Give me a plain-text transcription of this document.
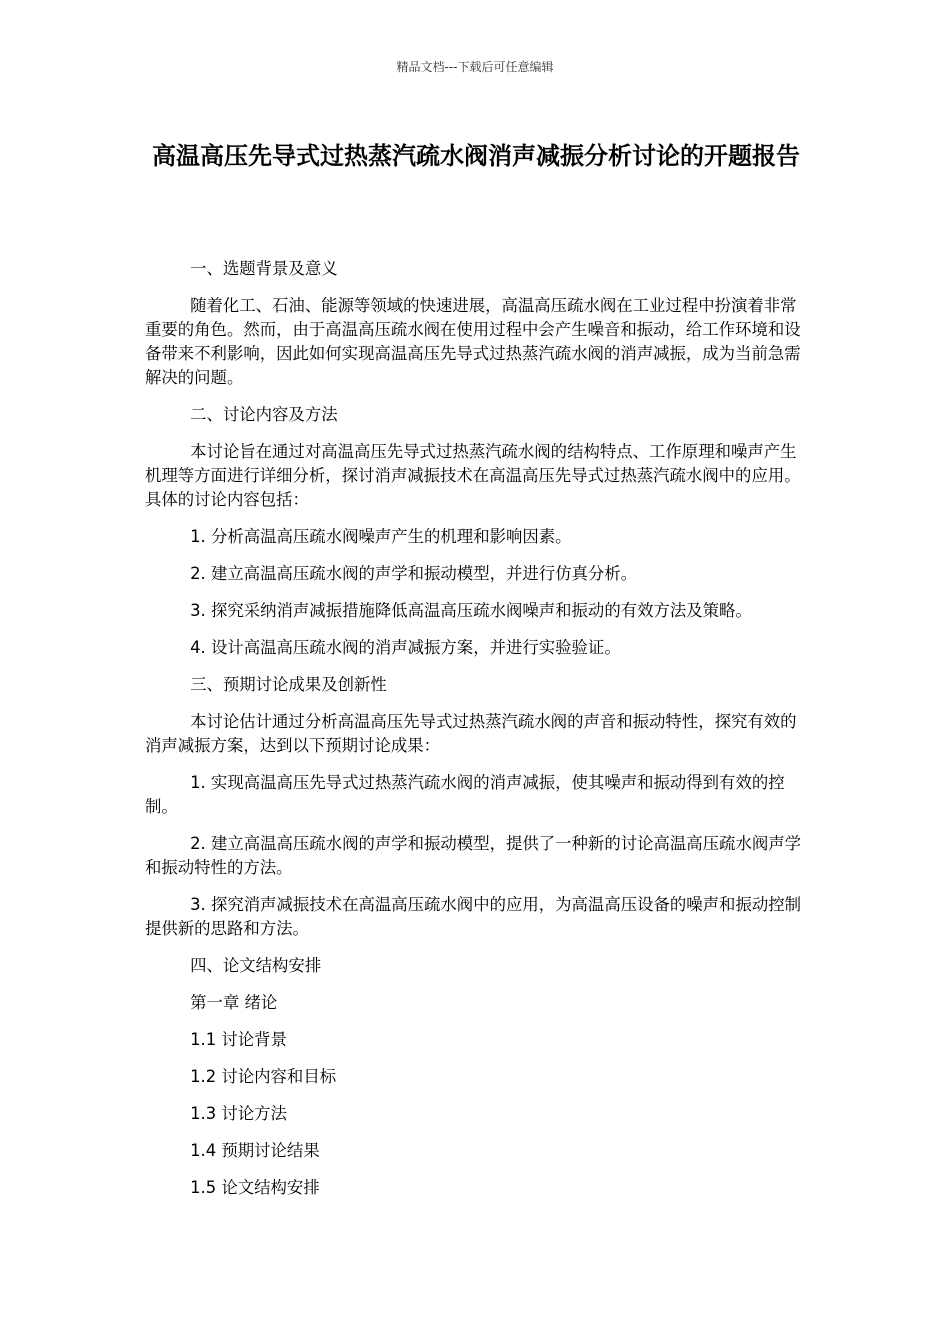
精品文档---下载后可任意编辑
高温高压先导式过热蒸汽疏水阀消声减振分析讨论的开题报告

一、选题背景及意义

随着化工、石油、能源等领域的快速进展，高温高压疏水阀在工业过程中扮演着非常重要的角色。然而，由于高温高压疏水阀在使用过程中会产生噪音和振动，给工作环境和设备带来不利影响，因此如何实现高温高压先导式过热蒸汽疏水阀的消声减振，成为当前急需解决的问题。

二、讨论内容及方法

本讨论旨在通过对高温高压先导式过热蒸汽疏水阀的结构特点、工作原理和噪声产生机理等方面进行详细分析，探讨消声减振技术在高温高压先导式过热蒸汽疏水阀中的应用。具体的讨论内容包括：

1. 分析高温高压疏水阀噪声产生的机理和影响因素。

2. 建立高温高压疏水阀的声学和振动模型，并进行仿真分析。

3. 探究采纳消声减振措施降低高温高压疏水阀噪声和振动的有效方法及策略。

4. 设计高温高压疏水阀的消声减振方案，并进行实验验证。

三、预期讨论成果及创新性

本讨论估计通过分析高温高压先导式过热蒸汽疏水阀的声音和振动特性，探究有效的消声减振方案，达到以下预期讨论成果：

1. 实现高温高压先导式过热蒸汽疏水阀的消声减振，使其噪声和振动得到有效的控制。

2. 建立高温高压疏水阀的声学和振动模型，提供了一种新的讨论高温高压疏水阀声学和振动特性的方法。

3. 探究消声减振技术在高温高压疏水阀中的应用，为高温高压设备的噪声和振动控制提供新的思路和方法。

四、论文结构安排

第一章 绪论

1.1 讨论背景

1.2 讨论内容和目标

1.3 讨论方法

1.4 预期讨论结果

1.5 论文结构安排
